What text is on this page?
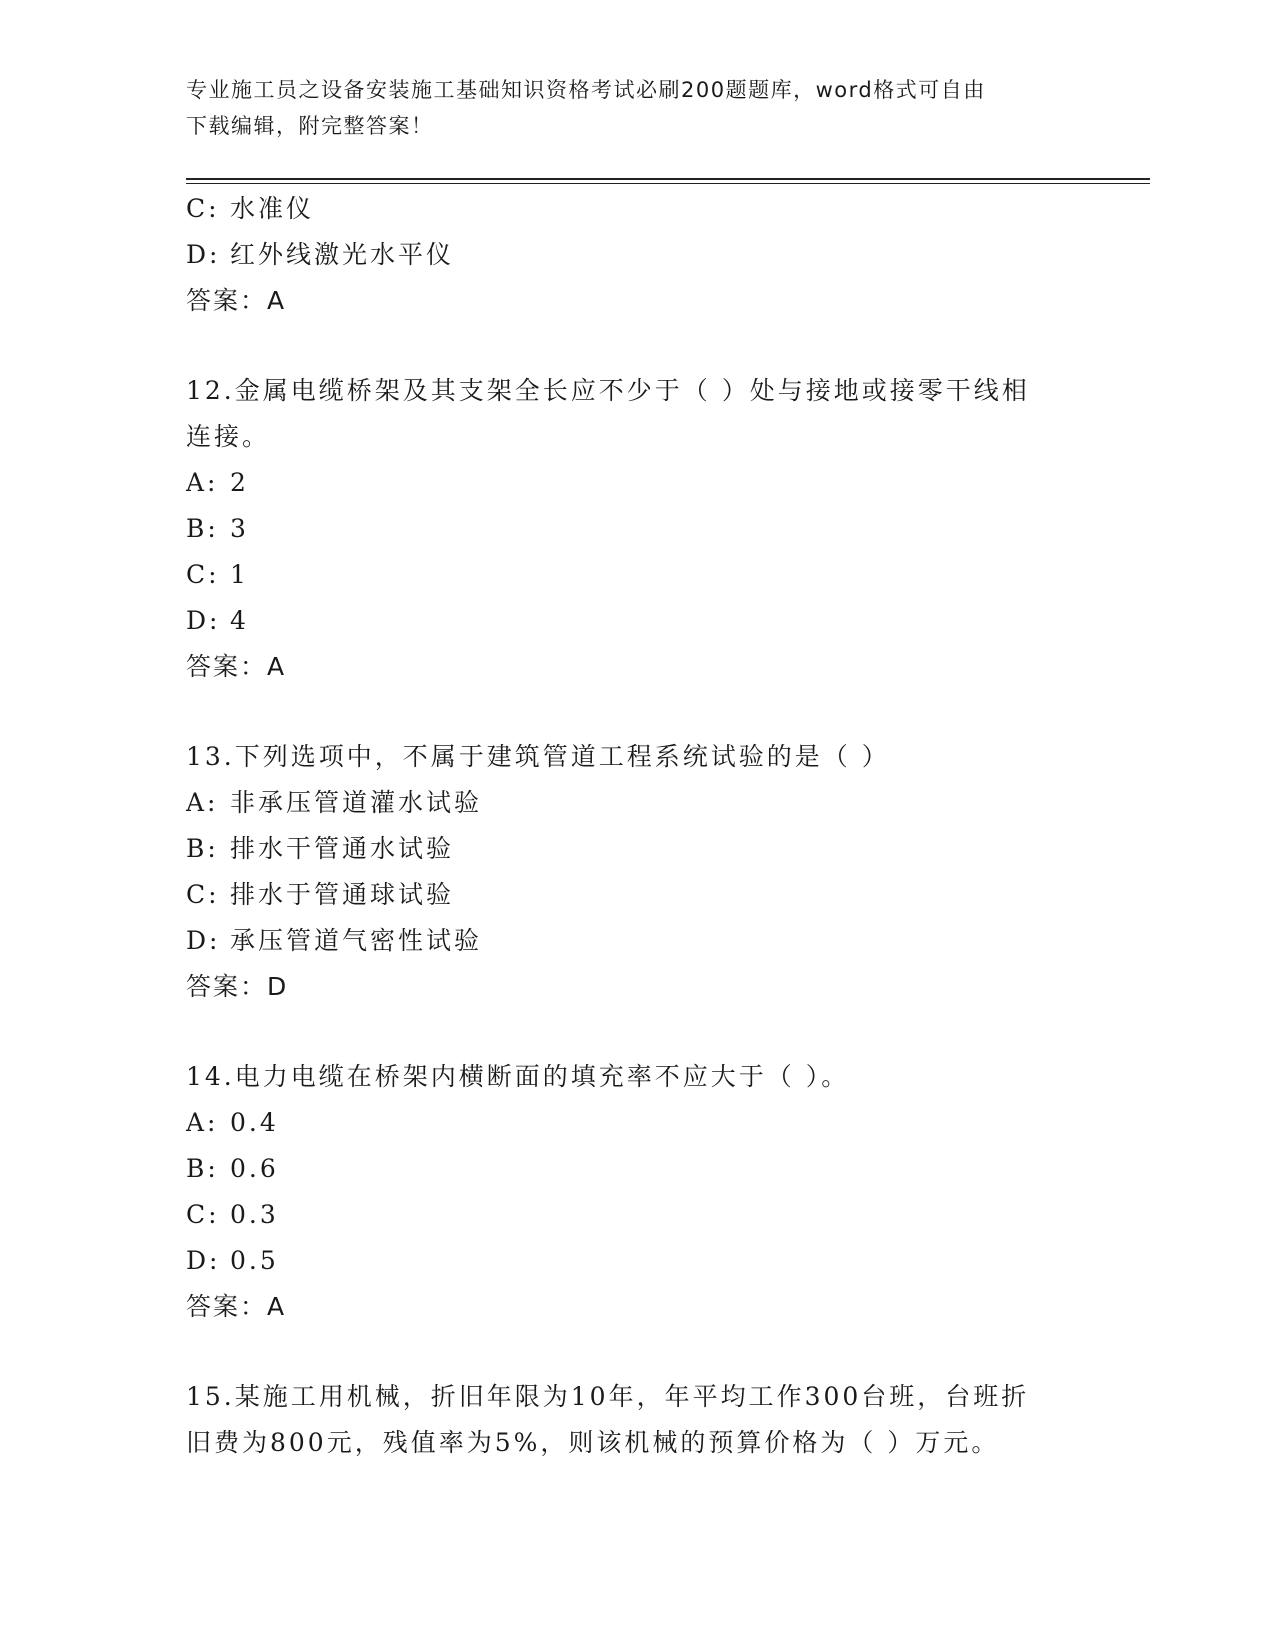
专业施工员之设备安装施工基础知识资格考试必刷200题题库，word格式可自由
下载编辑，附完整答案！
C: 水准仪
D: 红外线激光水平仪
答案：A
12.金属电缆桥架及其支架全长应不少于（ ）处与接地或接零干线相
连接。
A: 2
B: 3
C: 1
D: 4
答案：A
13.下列选项中，不属于建筑管道工程系统试验的是（ ）
A: 非承压管道灌水试验
B: 排水干管通水试验
C: 排水于管通球试验
D: 承压管道气密性试验
答案：D
14.电力电缆在桥架内横断面的填充率不应大于（ ）。
A: 0.4
B: 0.6
C: 0.3
D: 0.5
答案：A
15.某施工用机械，折旧年限为10年，年平均工作300台班，台班折
旧费为800元，残值率为5%，则该机械的预算价格为（ ）万元。
